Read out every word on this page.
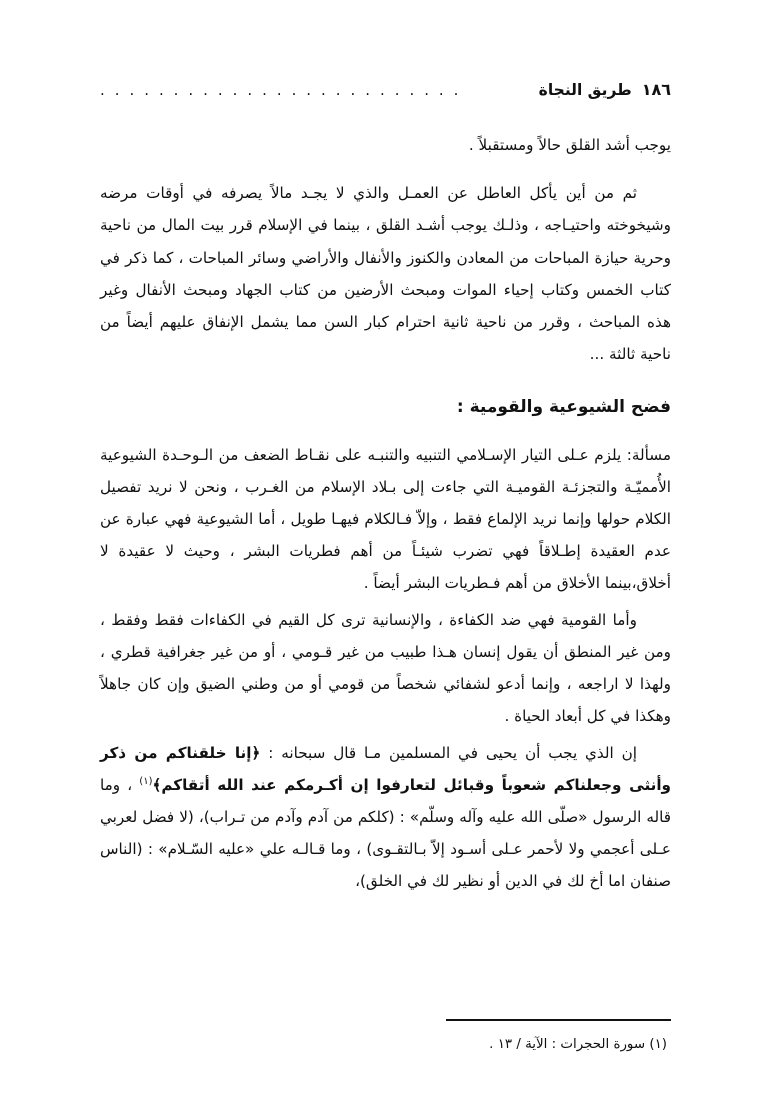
١٨٦
طريق النجاة
. . . . . . . . . . . . . . . . . . . . . . . . .

يوجب أشد القلق حالاً ومستقبلاً .

ثم من أين يأكل العاطل عن العمـل والذي لا يجـد مالاً يصرفه في أوقات مرضه وشيخوخته واحتيـاجه ، وذلـك يوجب أشـد القلق ، بينما في الإسلام قرر بيت المال من ناحية وحرية حيازة المباحات من المعادن والكنوز والأنفال والأراضي وسائر المباحات ، كما ذكر في كتاب الخمس وكتاب إحياء الموات ومبحث الأرضين من كتاب الجهاد ومبحث الأنفال وغير هذه المباحث ، وقرر من ناحية ثانية احترام كبار السن مما يشمل الإنفاق عليهم أيضاً من ناحية ثالثة ...

فضح الشيوعية والقومية :

مسألة: يلزم عـلى التيار الإسـلامي التنبيه والتنبـه على نقـاط الضعف من الـوحـدة الشيوعية الأُمميّـة والتجزئـة القوميـة التي جاءت إلى بـلاد الإسلام من الغـرب ، ونحن لا نريد تفصيل الكلام حولها وإنما نريد الإلماع فقط ، وإلاّ فـالكلام فيهـا طويل ، أما الشيوعية فهي عبارة عن عدم العقيدة إطـلاقاً فهي تضرب شيئـاً من أهم فطريات البشر ، وحيث لا عقيدة لا أخلاق،بينما الأخلاق من أهم فـطريات البشر أيضاً .

وأما القومية فهي ضد الكفاءة ، والإنسانية ترى كل القيم في الكفاءات فقط وفقط ، ومن غير المنطق أن يقول إنسان هـذا طبيب من غير قـومي ، أو من غير جغرافية قطري ، ولهذا لا اراجعه ، وإنما أدعو لشفائي شخصاً من قومي أو من وطني الضيق وإن كان جاهلاً وهكذا في كل أبعاد الحياة .

إن الذي يجب أن يحيى في المسلمين مـا قال سبحانه : ﴿إنا خلقناكم من ذكر وأنثى وجعلناكم شعوباً وقبائل لتعارفوا إن أكـرمكم عند الله أتقاكم﴾$^{(١)}$ ، وما قاله الرسول «صلّى الله عليه وآله وسلّم» : (كلكم من آدم وآدم من تـراب)، (لا فضل لعربي عـلى أعجمي ولا لأحمر عـلى أسـود إلاّ بـالتقـوى) ، وما قـالـه علي «عليه السّـلام» : (الناس صنفان اما أخ لك في الدين أو نظير لك في الخلق)،

(١) سورة الحجرات : الآية / ١٣ .
